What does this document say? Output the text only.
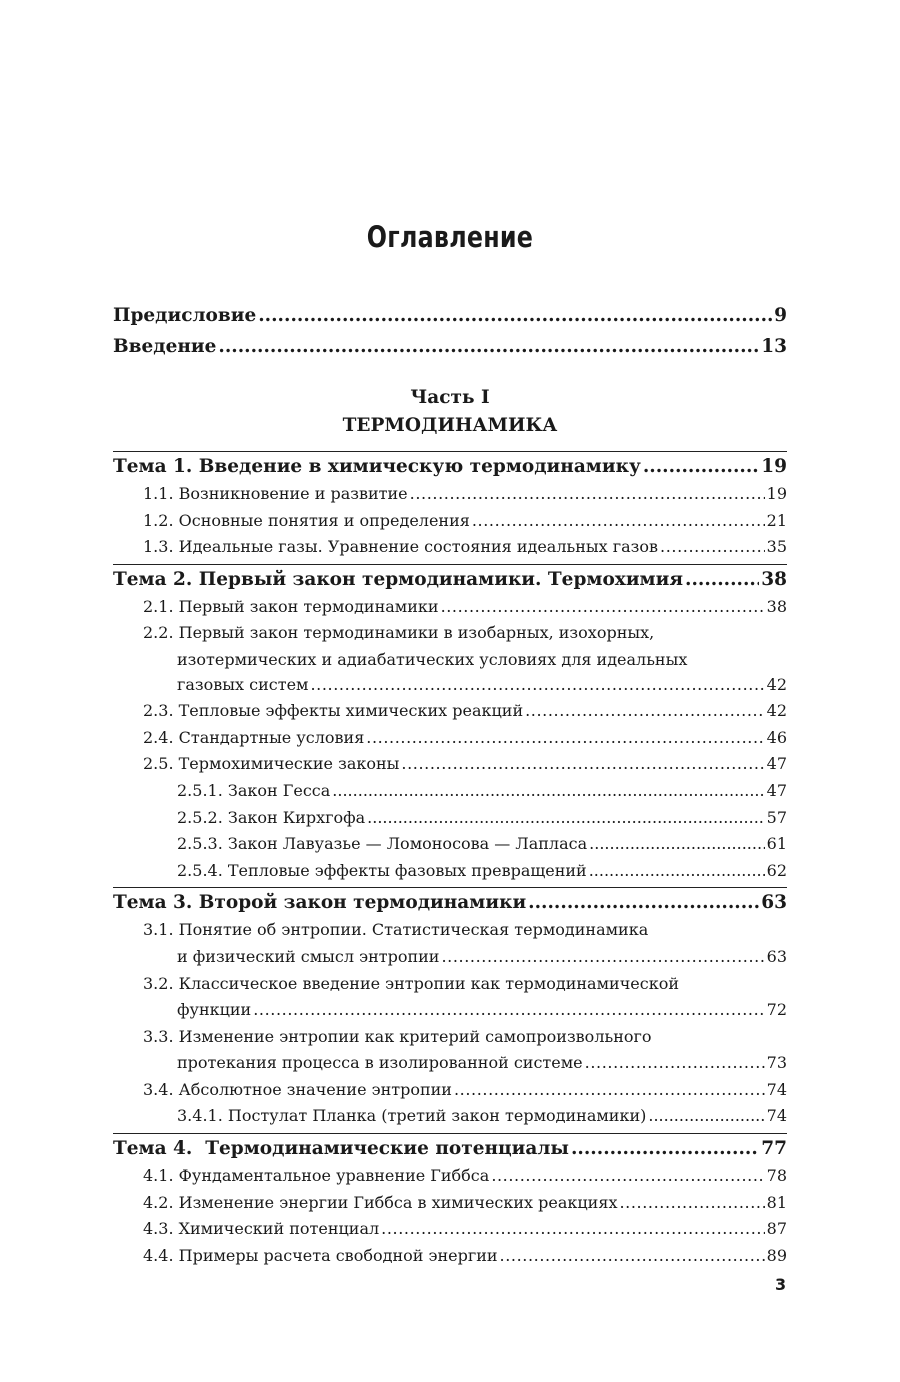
Оглавление
Предисловие .....	9
Введение .....	13
Часть I
ТЕРМОДИНАМИКА
Тема 1. Введение в химическую термодинамику .....	19
1.1. Возникновение и развитие .....	19
1.2. Основные понятия и определения .....	21
1.3. Идеальные газы. Уравнение состояния идеальных газов .....	35
Тема 2. Первый закон термодинамики. Термохимия .....	38
2.1. Первый закон термодинамики .....	38
2.2. Первый закон термодинамики в изобарных, изохорных,
изотермических и адиабатических условиях для идеальных
газовых систем .....	42
2.3. Тепловые эффекты химических реакций .....	42
2.4. Стандартные условия .....	46
2.5. Термохимические законы .....	47
2.5.1. Закон Гесса .....	47
2.5.2. Закон Кирхгофа .....	57
2.5.3. Закон Лавуазье — Ломоносова — Лапласа .....	61
2.5.4. Тепловые эффекты фазовых превращений .....	62
Тема 3. Второй закон термодинамики .....	63
3.1. Понятие об энтропии. Статистическая термодинамика
и физический смысл энтропии .....	63
3.2. Классическое введение энтропии как термодинамической
функции .....	72
3.3. Изменение энтропии как критерий самопроизвольного
протекания процесса в изолированной системе .....	73
3.4. Абсолютное значение энтропии .....	74
3.4.1. Постулат Планка (третий закон термодинамики) .....	74
Тема 4.  Термодинамические потенциалы .....	77
4.1. Фундаментальное уравнение Гиббса .....	78
4.2. Изменение энергии Гиббса в химических реакциях .....	81
4.3. Химический потенциал .....	87
4.4. Примеры расчета свободной энергии .....	89
3
